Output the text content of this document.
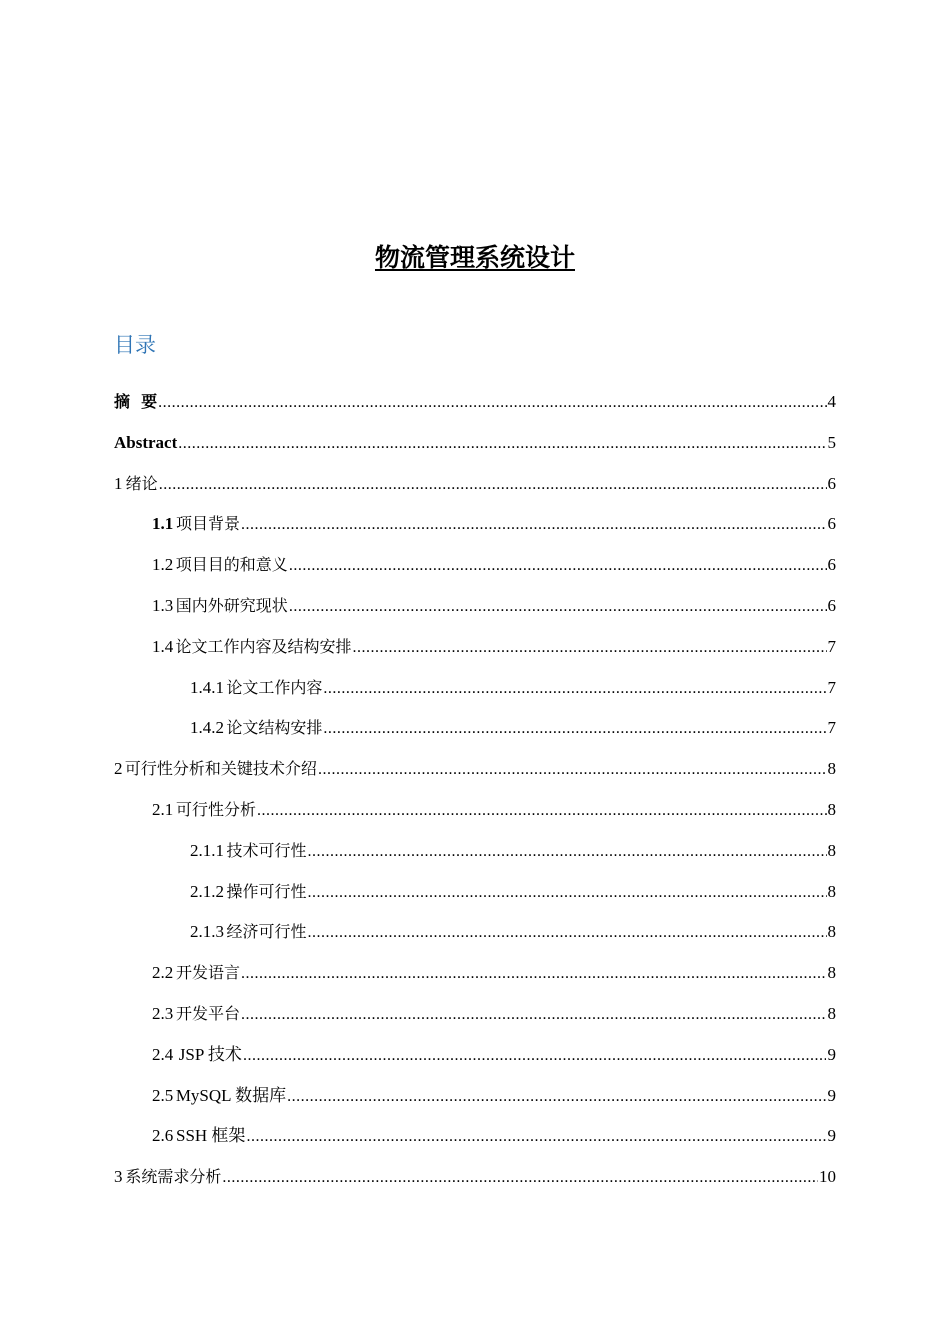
物流管理系统设计
目录
摘  要 .....	4
Abstract .....	5
1 绪论 .....	6
1.1 项目背景 .....	6
1.2 项目目的和意义 .....	6
1.3 国内外研究现状 .....	6
1.4 论文工作内容及结构安排 .....	7
1.4.1 论文工作内容 .....	7
1.4.2 论文结构安排 .....	7
2 可行性分析和关键技术介绍 .....	8
2.1 可行性分析 .....	8
2.1.1 技术可行性 .....	8
2.1.2 操作可行性 .....	8
2.1.3 经济可行性 .....	8
2.2 开发语言 .....	8
2.3 开发平台 .....	8
2.4 JSP 技术 .....	9
2.5 MySQL 数据库 .....	9
2.6 SSH 框架 .....	9
3 系统需求分析 .....	10
